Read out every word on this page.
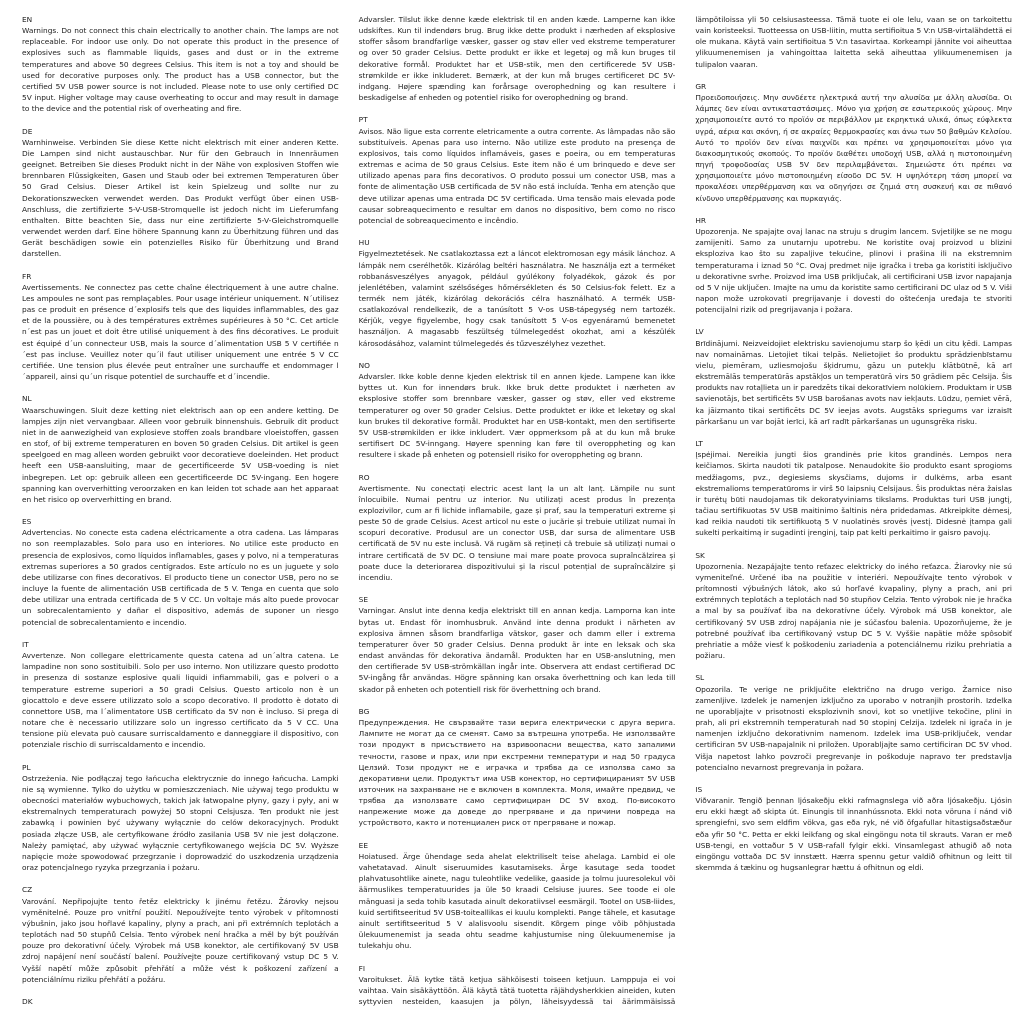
EN
Warnings. Do not connect this chain electrically to another chain. The lamps are not replaceable. For indoor use only. Do not operate this product in the presence of explosives such as flammable liquids, gases and dust or in the extreme temperatures and above 50 degrees Celsius. This item is not a toy and should be used for decorative purposes only. The product has a USB connector, but the certified 5V USB power source is not included. Please note to use only certified DC 5V input. Higher voltage may cause overheating to occur and may result in damage to the device and the potential risk of overheating and fire.
DE
Warnhinweise. Verbinden Sie diese Kette nicht elektrisch mit einer anderen Kette. Die Lampen sind nicht austauschbar. Nur für den Gebrauch in Innenräumen geeignet. Betreiben Sie dieses Produkt nicht in der Nähe von explosiven Stoffen wie brennbaren Flüssigkeiten, Gasen und Staub oder bei extremen Temperaturen über 50 Grad Celsius. Dieser Artikel ist kein Spielzeug und sollte nur zu Dekorationszwecken verwendet werden. Das Produkt verfügt über einen USB-Anschluss, die zertifizierte 5-V-USB-Stromquelle ist jedoch nicht im Lieferumfang enthalten. Bitte beachten Sie, dass nur eine zertifizierte 5-V-Gleichstromquelle verwendet werden darf. Eine höhere Spannung kann zu Überhitzung führen und das Gerät beschädigen sowie ein potenzielles Risiko für Überhitzung und Brand darstellen.
FR
Avertissements. Ne connectez pas cette chaîne électriquement à une autre chaîne. Les ampoules ne sont pas remplaçables. Pour usage intérieur uniquement. N´utilisez pas ce produit en présence d´explosifs tels que des liquides inflammables, des gaz et de la poussière, ou à des températures extrêmes supérieures à 50 °C. Cet article n´est pas un jouet et doit être utilisé uniquement à des fins décoratives. Le produit est équipé d´un connecteur USB, mais la source d´alimentation USB 5 V certifiée n´est pas incluse. Veuillez noter qu´il faut utiliser uniquement une entrée 5 V CC certifiée. Une tension plus élevée peut entraîner une surchauffe et endommager l´appareil, ainsi qu´un risque potentiel de surchauffe et d´incendie.
NL
Waarschuwingen. Sluit deze ketting niet elektrisch aan op een andere ketting. De lampjes zijn niet vervangbaar. Alleen voor gebruik binnenshuis. Gebruik dit product niet in de aanwezigheid van explosieve stoffen zoals brandbare vloeistoffen, gassen en stof, of bij extreme temperaturen en boven 50 graden Celsius. Dit artikel is geen speelgoed en mag alleen worden gebruikt voor decoratieve doeleinden. Het product heeft een USB-aansluiting, maar de gecertificeerde 5V USB-voeding is niet inbegrepen. Let op: gebruik alleen een gecertificeerde DC 5V-ingang. Een hogere spanning kan oververhitting veroorzaken en kan leiden tot schade aan het apparaat en het risico op oververhitting en brand.
ES
Advertencias. No conecte esta cadena eléctricamente a otra cadena. Las lámparas no son reemplazables. Solo para uso en interiores. No utilice este producto en presencia de explosivos, como líquidos inflamables, gases y polvo, ni a temperaturas extremas superiores a 50 grados centígrados. Este artículo no es un juguete y solo debe utilizarse con fines decorativos. El producto tiene un conector USB, pero no se incluye la fuente de alimentación USB certificada de 5 V. Tenga en cuenta que solo debe utilizar una entrada certificada de 5 V CC. Un voltaje más alto puede provocar un sobrecalentamiento y dañar el dispositivo, además de suponer un riesgo potencial de sobrecalentamiento e incendio.
IT
Avvertenze. Non collegare elettricamente questa catena ad un´altra catena. Le lampadine non sono sostituibili. Solo per uso interno. Non utilizzare questo prodotto in presenza di sostanze esplosive quali liquidi infiammabili, gas e polveri o a temperature estreme superiori a 50 gradi Celsius. Questo articolo non è un giocattolo e deve essere utilizzato solo a scopo decorativo. Il prodotto è dotato di connettore USB, ma l´alimentatore USB certificato da 5V non è incluso. Si prega di notare che è necessario utilizzare solo un ingresso certificato da 5 V CC. Una tensione più elevata può causare surriscaldamento e danneggiare il dispositivo, con potenziale rischio di surriscaldamento e incendio.
PL
Ostrzeżenia. Nie podłączaj tego łańcucha elektrycznie do innego łańcucha. Lampki nie są wymienne. Tylko do użytku w pomieszczeniach. Nie używaj tego produktu w obecności materiałów wybuchowych, takich jak łatwopalne płyny, gazy i pyły, ani w ekstremalnych temperaturach powyżej 50 stopni Celsjusza. Ten produkt nie jest zabawką i powinien być używany wyłącznie do celów dekoracyjnych. Produkt posiada złącze USB, ale certyfikowane źródło zasilania USB 5V nie jest dołączone. Należy pamiętać, aby używać wyłącznie certyfikowanego wejścia DC 5V. Wyższe napięcie może spowodować przegrzanie i doprowadzić do uszkodzenia urządzenia oraz potencjalnego ryzyka przegrzania i pożaru.
CZ
Varování. Nepřipojujte tento řetěz elektricky k jinému řetězu. Žárovky nejsou vyměnitelné. Pouze pro vnitřní použití. Nepoužívejte tento výrobek v přítomnosti výbušnin, jako jsou hořlavé kapaliny, plyny a prach, ani při extrémních teplotách a teplotách nad 50 stupňů Celsia. Tento výrobek není hračka a měl by být používán pouze pro dekorativní účely. Výrobek má USB konektor, ale certifikovaný 5V USB zdroj napájení není součástí balení. Používejte pouze certifikovaný vstup DC 5 V. Vyšší napětí může způsobit přehřátí a může vést k poškození zařízení a potenciálnímu riziku přehřátí a požáru.
DK
Advarsler. Tilslut ikke denne kæde elektrisk til en anden kæde. Lamperne kan ikke udskiftes. Kun til indendørs brug. Brug ikke dette produkt i nærheden af eksplosive stoffer såsom brandfarlige væsker, gasser og støv eller ved ekstreme temperaturer og over 50 grader Celsius. Dette produkt er ikke et legetøj og må kun bruges til dekorative formål. Produktet har et USB-stik, men den certificerede 5V USB-strømkilde er ikke inkluderet. Bemærk, at der kun må bruges certificeret DC 5V-indgang. Højere spænding kan forårsage overophedning og kan resultere i beskadigelse af enheden og potentiel risiko for overophedning og brand.
PT
Avisos. Não ligue esta corrente eletricamente a outra corrente. As lâmpadas não são substituíveis. Apenas para uso interno. Não utilize este produto na presença de explosivos, tais como líquidos inflamáveis, gases e poeira, ou em temperaturas extremas e acima de 50 graus Celsius. Este item não é um brinquedo e deve ser utilizado apenas para fins decorativos. O produto possui um conector USB, mas a fonte de alimentação USB certificada de 5V não está incluída. Tenha em atenção que deve utilizar apenas uma entrada DC 5V certificada. Uma tensão mais elevada pode causar sobreaquecimento e resultar em danos no dispositivo, bem como no risco potencial de sobreaquecimento e incêndio.
HU
Figyelmeztetések. Ne csatlakoztassa ezt a láncot elektromosan egy másik lánchoz. A lámpák nem cserélhetők. Kizárólag beltéri használatra. Ne használja ezt a terméket robbanásveszélyes anyagok, például gyúlékony folyadékok, gázok és por jelenlétében, valamint szélsőséges hőmérsékleten és 50 Celsius-fok felett. Ez a termék nem játék, kizárólag dekorációs célra használható. A termék USB-csatlakozóval rendelkezik, de a tanúsított 5 V-os USB-tápegység nem tartozék. Kérjük, vegye figyelembe, hogy csak tanúsított 5 V-os egyenáramú bemenetet használjon. A magasabb feszültség túlmelegedést okozhat, ami a készülék károsodásához, valamint túlmelegedés és tűzveszélyhez vezethet.
NO
Advarsler. Ikke koble denne kjeden elektrisk til en annen kjede. Lampene kan ikke byttes ut. Kun for innendørs bruk. Ikke bruk dette produktet i nærheten av eksplosive stoffer som brennbare væsker, gasser og støv, eller ved ekstreme temperaturer og over 50 grader Celsius. Dette produktet er ikke et leketøy og skal kun brukes til dekorative formål. Produktet har en USB-kontakt, men den sertifiserte 5V USB-strømkilden er ikke inkludert. Vær oppmerksom på at du kun må bruke sertifisert DC 5V-inngang. Høyere spenning kan føre til overoppheting og kan resultere i skade på enheten og potensiell risiko for overoppheting og brann.
RO
Avertismente. Nu conectați electric acest lanț la un alt lanț. Lămpile nu sunt înlocuibile. Numai pentru uz interior. Nu utilizați acest produs în prezența explozivilor, cum ar fi lichide inflamabile, gaze și praf, sau la temperaturi extreme și peste 50 de grade Celsius. Acest articol nu este o jucărie și trebuie utilizat numai în scopuri decorative. Produsul are un conector USB, dar sursa de alimentare USB certificată de 5V nu este inclusă. Vă rugăm să rețineți că trebuie să utilizați numai o intrare certificată de 5V DC. O tensiune mai mare poate provoca supraîncălzirea și poate duce la deteriorarea dispozitivului și la riscul potențial de supraîncălzire și incendiu.
SE
Varningar. Anslut inte denna kedja elektriskt till en annan kedja. Lamporna kan inte bytas ut. Endast för inomhusbruk. Använd inte denna produkt i närheten av explosiva ämnen såsom brandfarliga vätskor, gaser och damm eller i extrema temperaturer över 50 grader Celsius. Denna produkt är inte en leksak och ska endast användas för dekorativa ändamål. Produkten har en USB-anslutning, men den certifierade 5V USB-strömkällan ingår inte. Observera att endast certifierad DC 5V-ingång får användas. Högre spänning kan orsaka överhettning och kan leda till skador på enheten och potentiell risk för överhettning och brand.
BG
Предупреждения. Не свързвайте тази верига електрически с друга верига. Лампите не могат да се сменят. Само за вътрешна употреба. Не използвайте този продукт в присъствието на взривоопасни вещества, като запалими течности, газове и прах, или при екстремни температури и над 50 градуса Целзий. Този продукт не е играчка и трябва да се използва само за декоративни цели. Продуктът има USB конектор, но сертифицираният 5V USB източник на захранване не е включен в комплекта. Моля, имайте предвид, че трябва да използвате само сертифициран DC 5V вход. По-високото напрежение може да доведе до прегряване и да причини повреда на устройството, както и потенциален риск от прегряване и пожар.
EE
Hoiatused. Ärge ühendage seda ahelat elektriliselt teise ahelaga. Lambid ei ole vahetatavad. Ainult siseruumides kasutamiseks. Ärge kasutage seda toodet plahvatusohtlike ainete, nagu tuleohtlike vedelike, gaaside ja tolmu juuresolekul või äärmuslikes temperatuurides ja üle 50 kraadi Celsiuse juures. See toode ei ole mänguasi ja seda tohib kasutada ainult dekoratiivsel eesmärgil. Tootel on USB-liides, kuid sertifitseeritud 5V USB-toiteallikas ei kuulu komplekti. Pange tähele, et kasutage ainult sertifitseeritud 5 V alalisvoolu sisendit. Kõrgem pinge võib põhjustada ülekuumenemist ja seada ohtu seadme kahjustumise ning ülekuumenemise ja tulekahju ohu.
FI
Varoitukset. Älä kytke tätä ketjua sähköisesti toiseen ketjuun. Lamppuja ei voi vaihtaa. Vain sisäkäyttöön. Älä käytä tätä tuotetta räjähdysherkkien aineiden, kuten syttyvien nesteiden, kaasujen ja pölyn, läheisyydessä tai äärimmäisissä lämpötiloissa yli 50 celsiusasteessa. Tämä tuote ei ole lelu, vaan se on tarkoitettu vain koristeeksi. Tuotteessa on USB-liitin, mutta sertifioitua 5 V:n USB-virtalähdettä ei ole mukana. Käytä vain sertifioitua 5 V:n tasavirtaa. Korkeampi jännite voi aiheuttaa ylikuumenemisen ja vahingoittaa laitetta sekä aiheuttaa ylikuumenemisen ja tulipalon vaaran.
GR
Προειδοποιήσεις. Μην συνδέετε ηλεκτρικά αυτή την αλυσίδα με άλλη αλυσίδα. Οι λάμπες δεν είναι αντικαταστάσιμες. Μόνο για χρήση σε εσωτερικούς χώρους. Μην χρησιμοποιείτε αυτό το προϊόν σε περιβάλλον με εκρηκτικά υλικά, όπως εύφλεκτα υγρά, αέρια και σκόνη, ή σε ακραίες θερμοκρασίες και άνω των 50 βαθμών Κελσίου. Αυτό το προϊόν δεν είναι παιχνίδι και πρέπει να χρησιμοποιείται μόνο για διακοσμητικούς σκοπούς. Το προϊόν διαθέτει υποδοχή USB, αλλά η πιστοποιημένη πηγή τροφοδοσίας USB 5V δεν περιλαμβάνεται. Σημειώστε ότι πρέπει να χρησιμοποιείτε μόνο πιστοποιημένη είσοδο DC 5V. Η υψηλότερη τάση μπορεί να προκαλέσει υπερθέρμανση και να οδηγήσει σε ζημιά στη συσκευή και σε πιθανό κίνδυνο υπερθέρμανσης και πυρκαγιάς.
HR
Upozorenja. Ne spajajte ovaj lanac na struju s drugim lancem. Svjetiljke se ne mogu zamijeniti. Samo za unutarnju upotrebu. Ne koristite ovaj proizvod u blizini eksploziva kao što su zapaljive tekućine, plinovi i prašina ili na ekstremnim temperaturama i iznad 50 °C. Ovaj predmet nije igračka i treba ga koristiti isključivo u dekorativne svrhe. Proizvod ima USB priključak, ali certificirani USB izvor napajanja od 5 V nije uključen. Imajte na umu da koristite samo certificirani DC ulaz od 5 V. Viši napon može uzrokovati pregrijavanje i dovesti do oštećenja uređaja te stvoriti potencijalni rizik od pregrijavanja i požara.
LV
Brīdinājumi. Neizveidojiet elektrisku savienojumu starp šo ķēdi un citu ķēdi. Lampas nav nomaināmas. Lietojiet tikai telpās. Nelietojiet šo produktu sprādzienbīstamu vielu, piemēram, uzliesmojošu šķidrumu, gāzu un putekļu klātbūtnē, kā arī ekstremālās temperatūrās apstākļos un temperatūrā virs 50 grādiem pēc Celsija. Šis produkts nav rotaļlieta un ir paredzēts tikai dekoratīviem nolūkiem. Produktam ir USB savienotājs, bet sertificēts 5V USB barošanas avots nav iekļauts. Lūdzu, ņemiet vērā, ka jāizmanto tikai sertificēts DC 5V ieejas avots. Augstāks spriegums var izraisīt pārkaršanu un var bojāt ierīci, kā arī radīt pārkaršanas un ugunsgrēka risku.
LT
Įspėjimai. Nereikia jungti šios grandinės prie kitos grandinės. Lempos nera keičiamos. Skirta naudoti tik patalpose. Nenaudokite šio produkto esant sprogioms medžiagoms, pvz., degiesiems skysčiams, dujoms ir dulkėms, arba esant ekstremalioms temperatūroms ir virš 50 laipsnių Celsijaus. Šis produktas nėra žaislas ir turėtų būti naudojamas tik dekoratyviniams tikslams. Produktas turi USB jungtį, tačiau sertifikuotas 5V USB maitinimo šaltinis nėra pridedamas. Atkreipkite dėmesį, kad reikia naudoti tik sertifikuotą 5 V nuolatinės srovės įvestį. Didesnė įtampa gali sukelti perkaitimą ir sugadinti įrenginį, taip pat kelti perkaitimo ir gaisro pavojų.
SK
Upozornenia. Nezapájajte tento reťazec elektricky do iného reťazca. Žiarovky nie sú vymeniteľné. Určené iba na použitie v interiéri. Nepoužívajte tento výrobok v prítomnosti výbušných látok, ako sú horľavé kvapaliny, plyny a prach, ani pri extrémnych teplotách a teplotách nad 50 stupňov Celzia. Tento výrobok nie je hračka a mal by sa používať iba na dekoratívne účely. Výrobok má USB konektor, ale certifikovaný 5V USB zdroj napájania nie je súčasťou balenia. Upozorňujeme, že je potrebné používať iba certifikovaný vstup DC 5 V. Vyššie napätie môže spôsobiť prehriatie a môže viesť k poškodeniu zariadenia a potenciálnemu riziku prehriatia a požiaru.
SL
Opozorila. Te verige ne priključite električno na drugo verigo. Žarnice niso zamenljive. Izdelek je namenjen izključno za uporabo v notranjih prostorih. Izdelka ne uporabljajte v prisotnosti eksplozivnih snovi, kot so vnetljive tekočine, plini in prah, ali pri ekstremnih temperaturah nad 50 stopinj Celzija. Izdelek ni igrača in je namenjen izključno dekorativnim namenom. Izdelek ima USB-priključek, vendar certificiran 5V USB-napajalnik ni priložen. Uporabljajte samo certificiran DC 5V vhod. Višja napetost lahko povzroči pregrevanje in poškoduje napravo ter predstavlja potencialno nevarnost pregrevanja in požara.
IS
Viðvaranir. Tengið þennan ljósakeðju ekki rafmagnslega við aðra ljósakeðju. Ljósin eru ekki hægt að skipta út. Einungis til innanhússnota. Ekki nota vöruna í nánd við sprengiefni, svo sem eldfim vökva, gas eða ryk, né við öfgafullar hitastigsaðstæður eða yfir 50 °C. Þetta er ekki leikfang og skal eingöngu nota til skrauts. Varan er með USB-tengi, en vottaður 5 V USB-rafall fylgir ekki. Vinsamlegast athugið að nota eingöngu vottaða DC 5V innstætt. Hærra spennu getur valdið ofhitnun og leitt til skemmda á tækinu og hugsanlegrar hættu á ofhitnun og eldi.
